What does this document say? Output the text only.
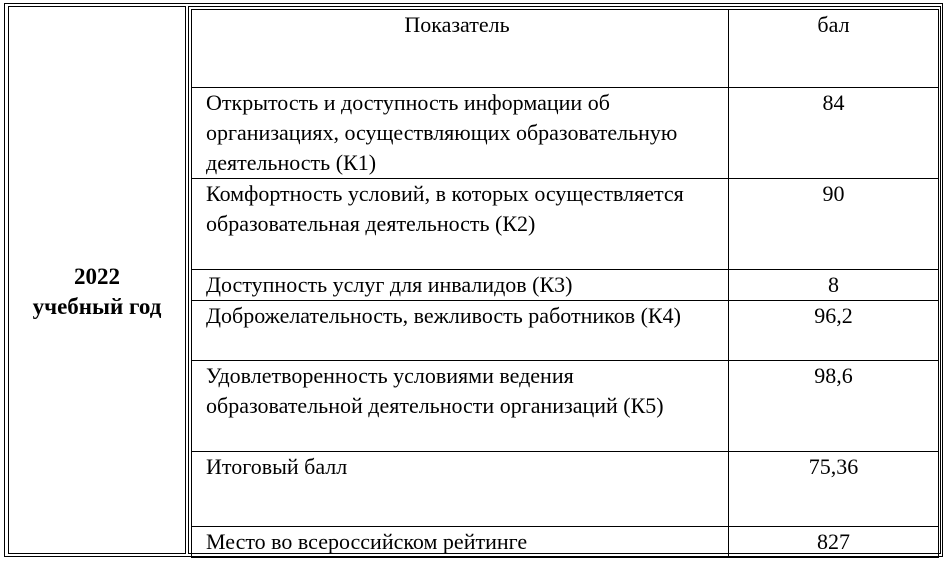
2022
учебный год
Показатель	бал
Открытость и доступность информации об организациях, осуществляющих образовательную деятельность (К1)	84
Комфортность условий, в которых осуществляется образовательная деятельность (К2)	90
Доступность услуг для инвалидов (К3)	8
Доброжелательность, вежливость работников (К4)	96,2
Удовлетворенность условиями ведения образовательной деятельности организаций (К5)	98,6
Итоговый балл	75,36
Место во всероссийском рейтинге	827
